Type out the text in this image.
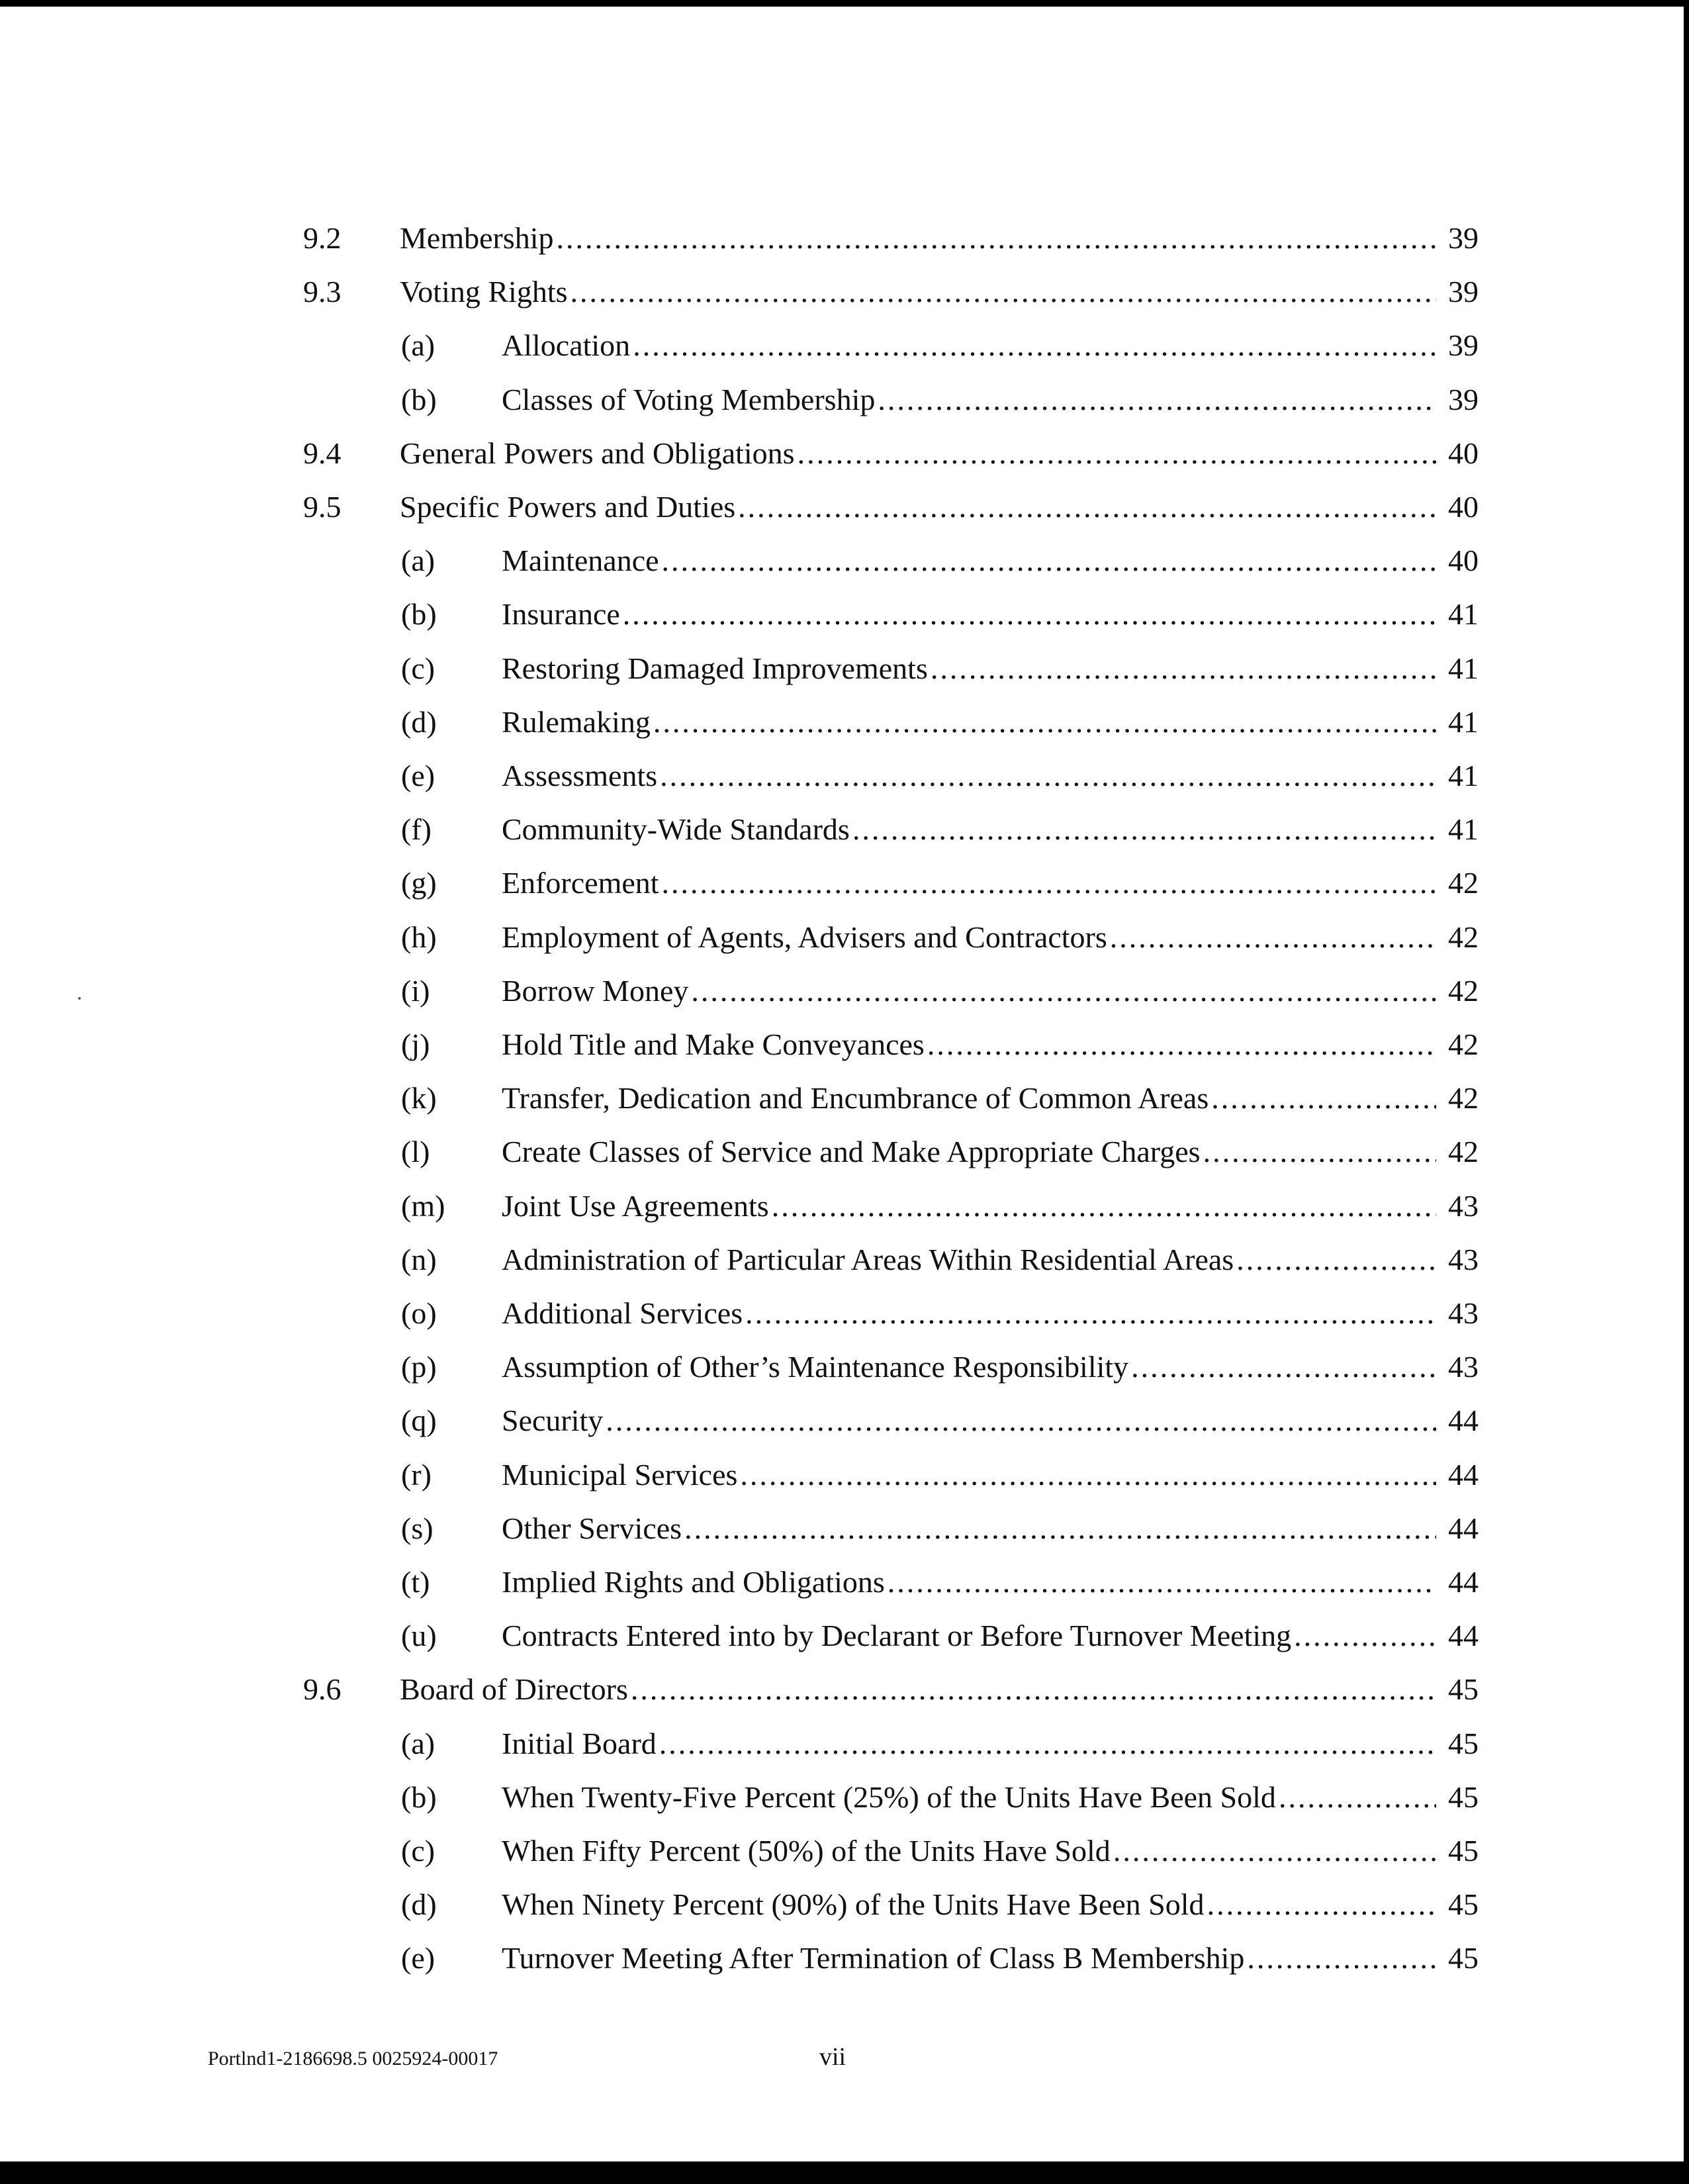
9.2 Membership .....	39
9.3 Voting Rights .....	39
(a) Allocation .....	39
(b) Classes of Voting Membership .....	39
9.4 General Powers and Obligations .....	40
9.5 Specific Powers and Duties .....	40
(a) Maintenance .....	40
(b) Insurance .....	41
(c) Restoring Damaged Improvements .....	41
(d) Rulemaking .....	41
(e) Assessments .....	41
(f) Community-Wide Standards .....	41
(g) Enforcement .....	42
(h) Employment of Agents, Advisers and Contractors .....	42
(i) Borrow Money .....	42
(j) Hold Title and Make Conveyances .....	42
(k) Transfer, Dedication and Encumbrance of Common Areas .....	42
(l) Create Classes of Service and Make Appropriate Charges .....	42
(m) Joint Use Agreements .....	43
(n) Administration of Particular Areas Within Residential Areas .....	43
(o) Additional Services .....	43
(p) Assumption of Other’s Maintenance Responsibility .....	43
(q) Security .....	44
(r) Municipal Services .....	44
(s) Other Services .....	44
(t) Implied Rights and Obligations .....	44
(u) Contracts Entered into by Declarant or Before Turnover Meeting .....	44
9.6 Board of Directors .....	45
(a) Initial Board .....	45
(b) When Twenty-Five Percent (25%) of the Units Have Been Sold .....	45
(c) When Fifty Percent (50%) of the Units Have Sold .....	45
(d) When Ninety Percent (90%) of the Units Have Been Sold .....	45
(e) Turnover Meeting After Termination of Class B Membership .....	45
Portlnd1-2186698.5 0025924-00017	vii
